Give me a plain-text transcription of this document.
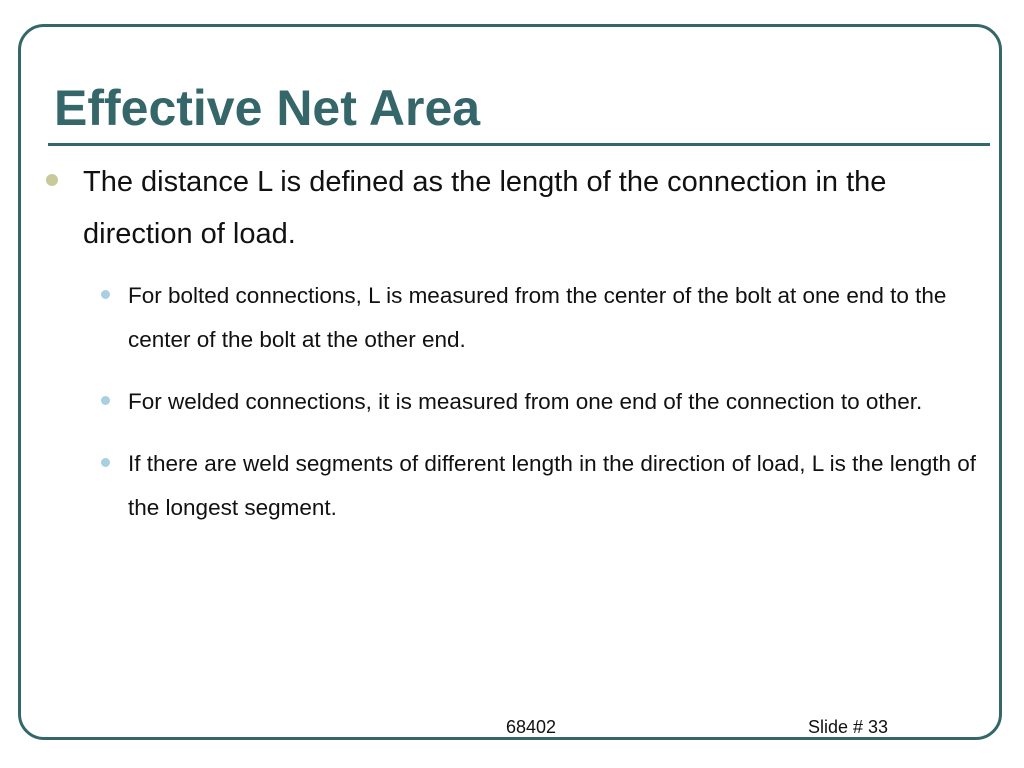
Effective Net Area
The distance L is defined as the length of the connection in the direction of load.
For bolted connections, L is measured from the center of the bolt at one end to the center of the bolt at the other end.
For welded connections, it is measured from one end of the connection to other.
If there are weld segments of different length in the direction of load, L is the length of the longest segment.
68402	Slide # 33
